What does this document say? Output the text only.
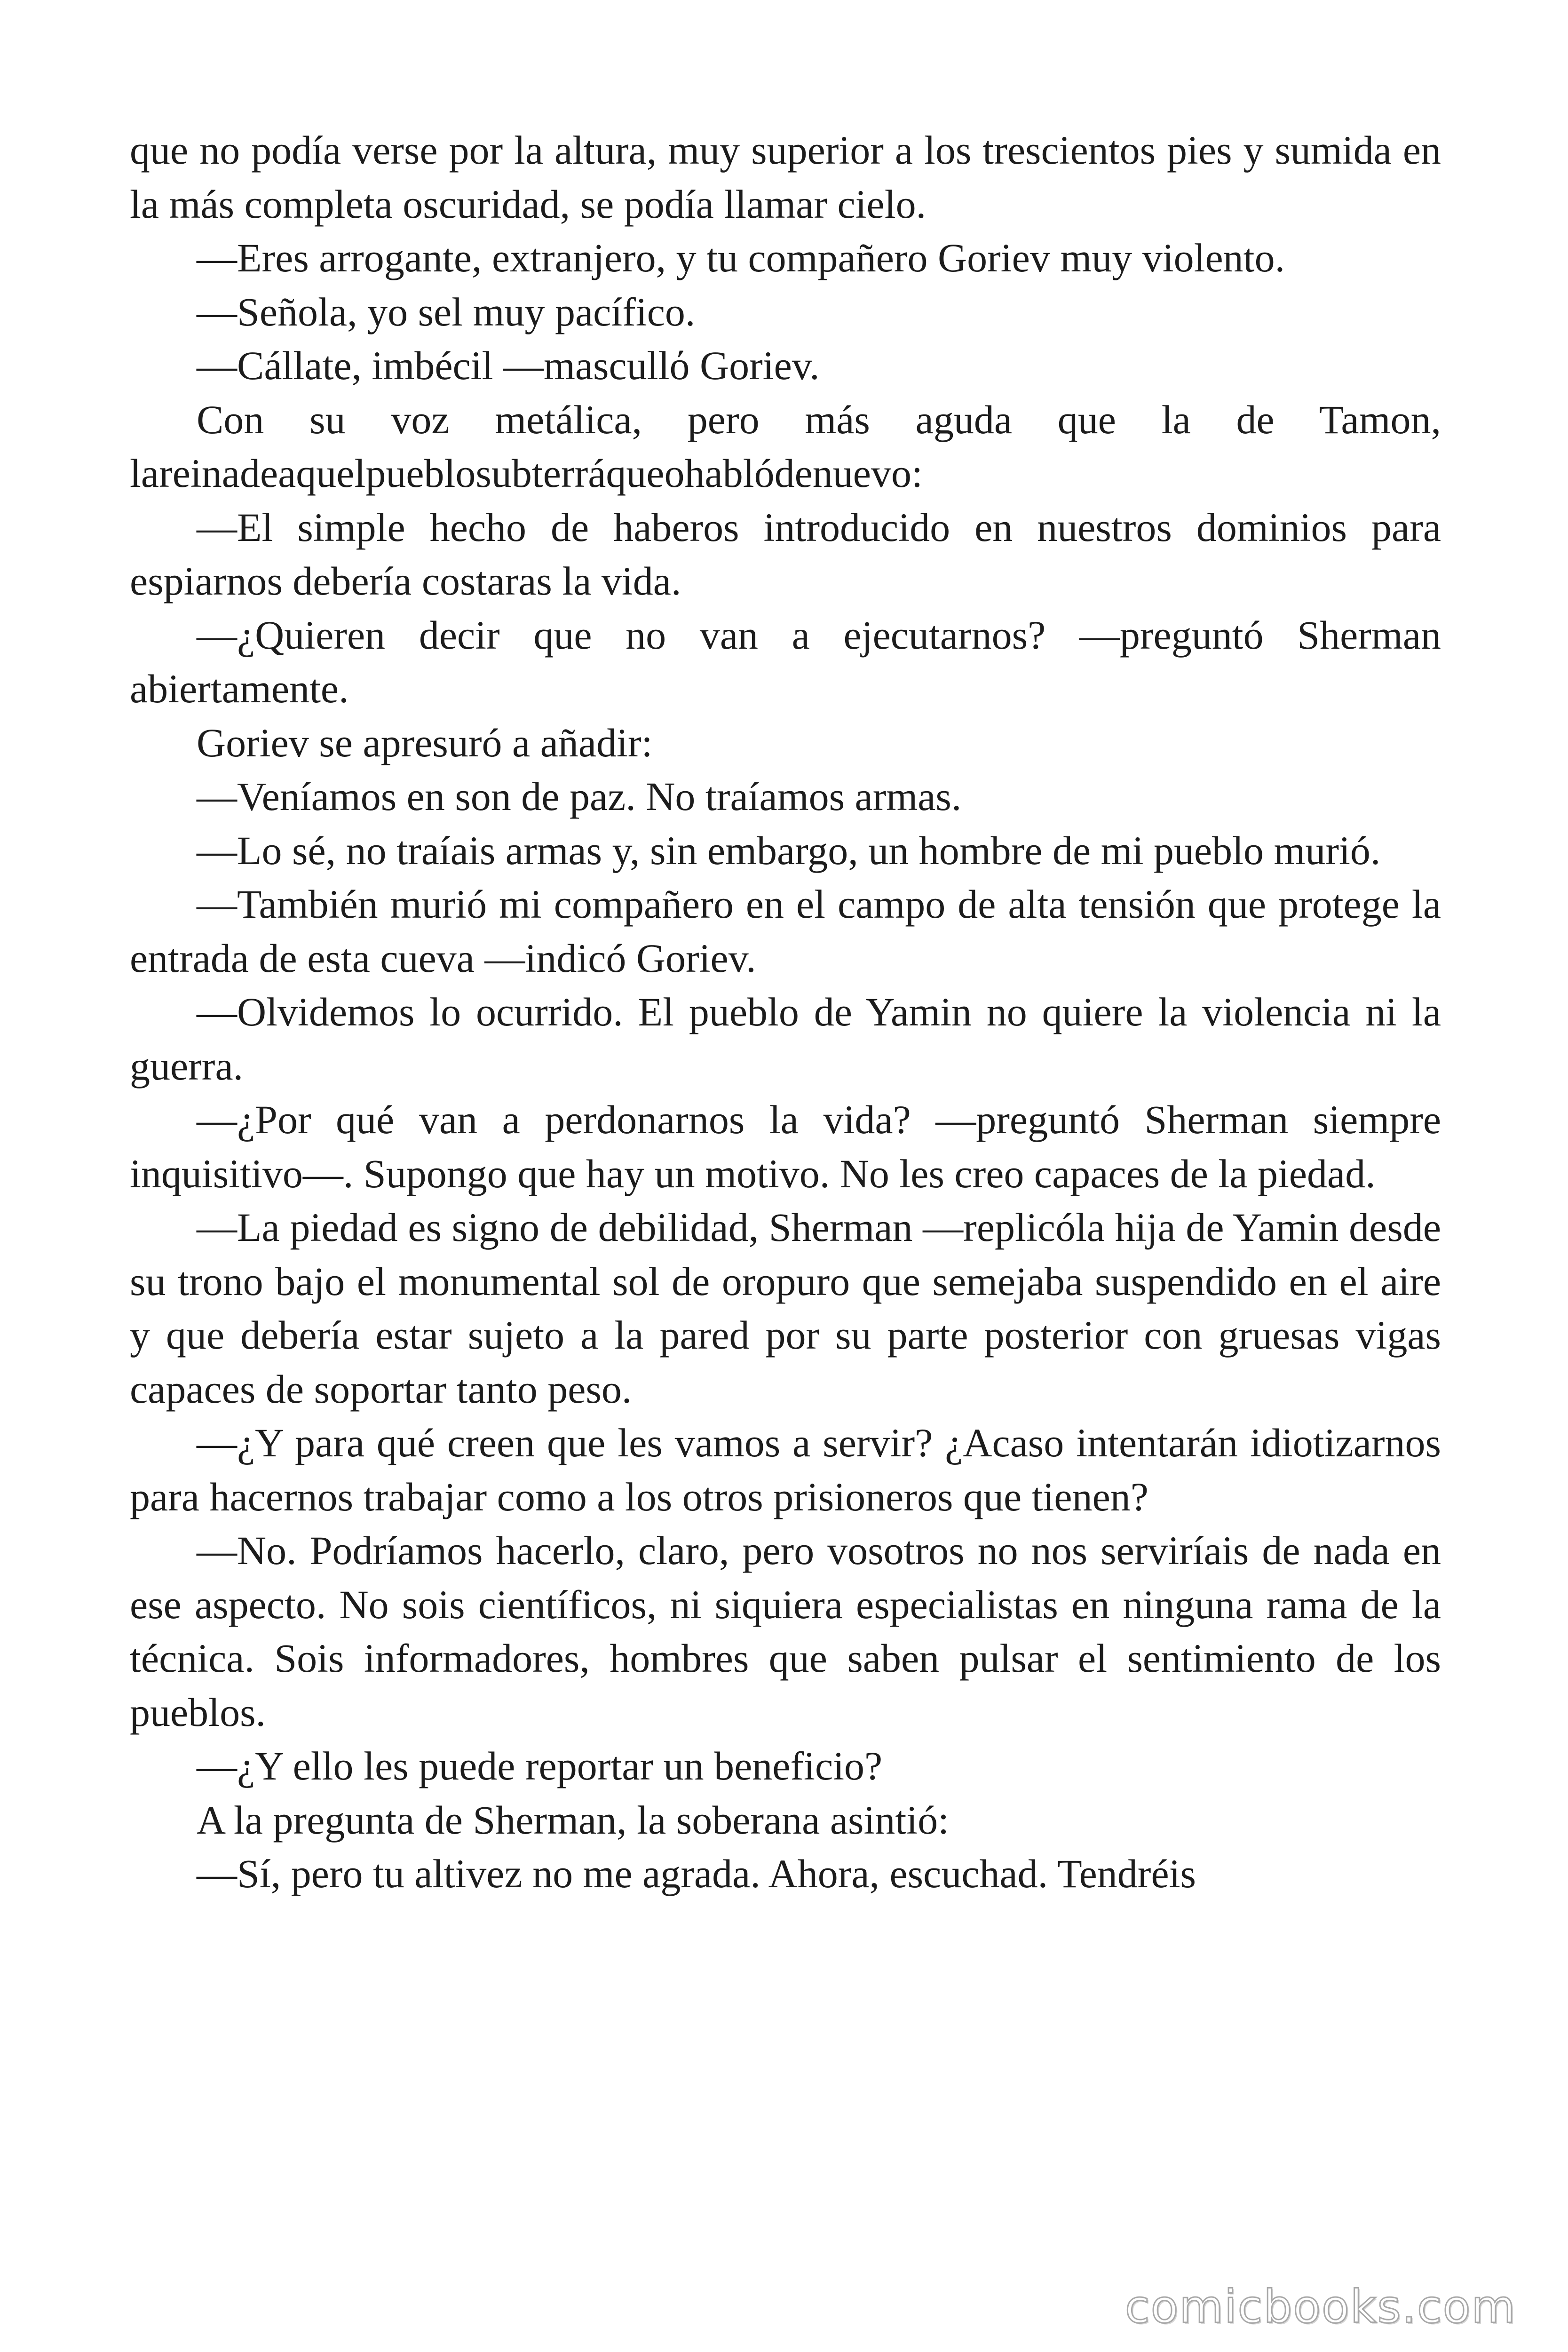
que no podía verse por la altura, muy superior a los trescientos pies y sumida en la más completa oscuridad, se podía llamar cielo.

—Eres arrogante, extranjero, y tu compañero Goriev muy violento.

—Señola, yo sel muy pacífico.

—Cállate, imbécil —mascullό Goriev.

Con su voz metálica, pero más aguda que la de Tamon, lareinadeaquelpueblosubterráqueohablódenuevo:

—El simple hecho de haberos introducido en nuestros dominios para espiarnos debería costaras la vida.

—¿Quieren decir que no van a ejecutarnos? —preguntó Sherman abiertamente.

Goriev se apresuró a añadir:

—Veníamos en son de paz. No traíamos armas.

—Lo sé, no traíais armas y, sin embargo, un hombre de mi pueblo murió.

—También murió mi compañero en el campo de alta tensión que protege la entrada de esta cueva —indicó Goriev.

—Olvidemos lo ocurrido. El pueblo de Yamin no quiere la violencia ni la guerra.

—¿Por qué van a perdonarnos la vida? —preguntó Sherman siempre inquisitivo—. Supongo que hay un motivo. No les creo capaces de la piedad.

—La piedad es signo de debilidad, Sherman —replicóla hija de Yamin desde su trono bajo el monumental sol de oropuro que semejaba suspendido en el aire y que debería estar sujeto a la pared por su parte posterior con gruesas vigas capaces de soportar tanto peso.

—¿Y para qué creen que les vamos a servir? ¿Acaso intentarán idiotizarnos para hacernos trabajar como a los otros prisioneros que tienen?

—No. Podríamos hacerlo, claro, pero vosotros no nos serviríais de nada en ese aspecto. No sois científicos, ni siquiera especialistas en ninguna rama de la técnica. Sois informadores, hombres que saben pulsar el sentimiento de los pueblos.

—¿Y ello les puede reportar un beneficio?

A la pregunta de Sherman, la soberana asintió:

—Sí, pero tu altivez no me agrada. Ahora, escuchad. Tendréis

comicbooks.com
